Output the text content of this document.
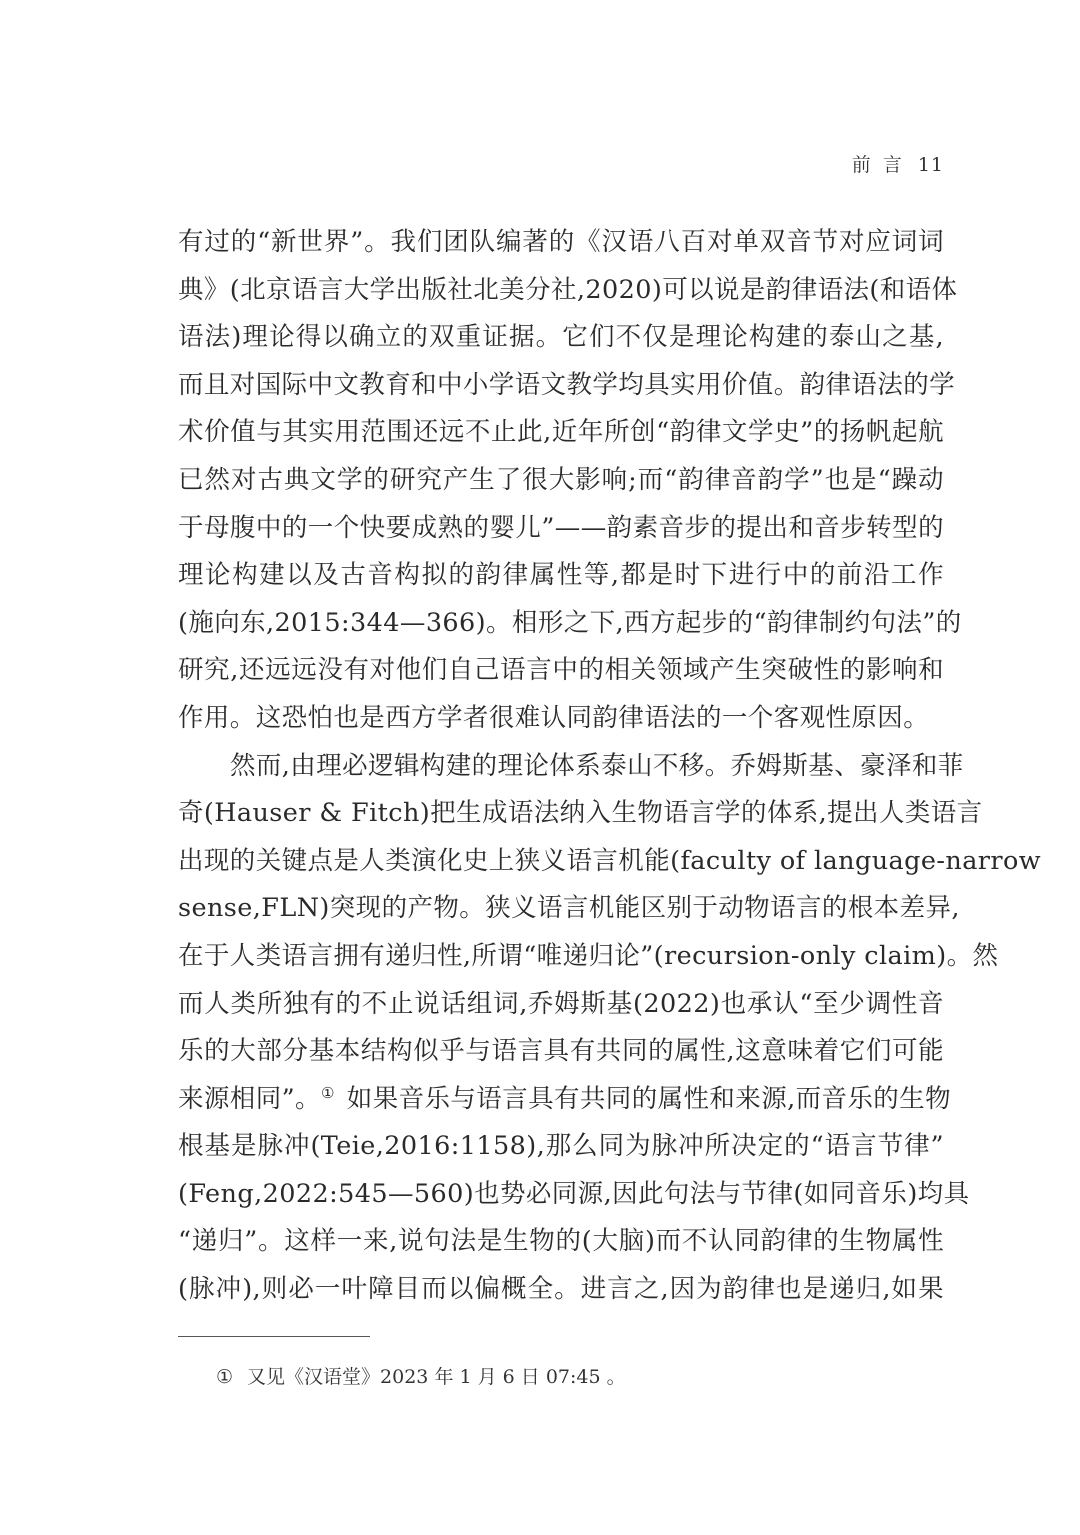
前言 11
有过的“新世界”。我们团队编著的《汉语八百对单双音节对应词词
典》(北京语言大学出版社北美分社,2020)可以说是韵律语法(和语体
语法)理论得以确立的双重证据。它们不仅是理论构建的泰山之基,
而且对国际中文教育和中小学语文教学均具实用价值。韵律语法的学
术价值与其实用范围还远不止此,近年所创“韵律文学史”的扬帆起航
已然对古典文学的研究产生了很大影响;而“韵律音韵学”也是“躁动
于母腹中的一个快要成熟的婴儿”——韵素音步的提出和音步转型的
理论构建以及古音构拟的韵律属性等,都是时下进行中的前沿工作
(施向东,2015:344—366)。相形之下,西方起步的“韵律制约句法”的
研究,还远远没有对他们自己语言中的相关领域产生突破性的影响和
作用。这恐怕也是西方学者很难认同韵律语法的一个客观性原因。
然而,由理必逻辑构建的理论体系泰山不移。乔姆斯基、豪泽和菲
奇(Hauser & Fitch)把生成语法纳入生物语言学的体系,提出人类语言
出现的关键点是人类演化史上狭义语言机能(faculty of language-narrow
sense,FLN)突现的产物。狭义语言机能区别于动物语言的根本差异,
在于人类语言拥有递归性,所谓“唯递归论”(recursion-only claim)。然
而人类所独有的不止说话组词,乔姆斯基(2022)也承认“至少调性音
乐的大部分基本结构似乎与语言具有共同的属性,这意味着它们可能
来源相同”。① 如果音乐与语言具有共同的属性和来源,而音乐的生物
根基是脉冲(Teie,2016:1158),那么同为脉冲所决定的“语言节律”
(Feng,2022:545—560)也势必同源,因此句法与节律(如同音乐)均具
“递归”。这样一来,说句法是生物的(大脑)而不认同韵律的生物属性
(脉冲),则必一叶障目而以偏概全。进言之,因为韵律也是递归,如果
① 又见《汉语堂》2023 年 1 月 6 日 07:45 。
